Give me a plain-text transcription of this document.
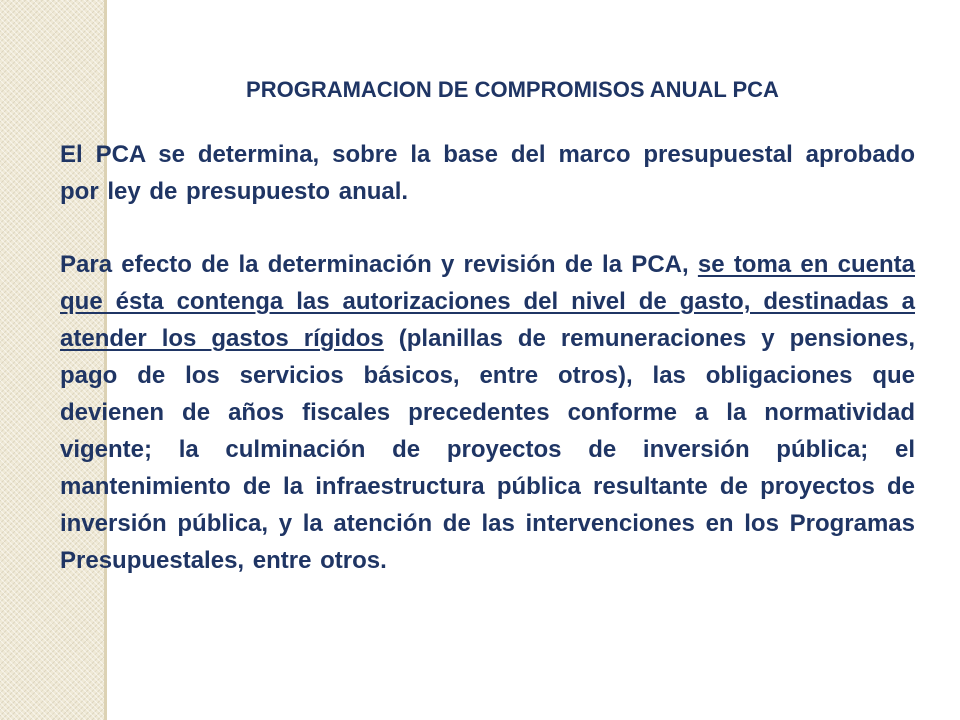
PROGRAMACION DE COMPROMISOS ANUAL PCA

El PCA se determina, sobre la base del marco presupuestal aprobado por ley de presupuesto anual.

Para efecto de la determinación y revisión de la PCA, se toma en cuenta que ésta contenga las autorizaciones del nivel de gasto, destinadas a atender los gastos rígidos (planillas de remuneraciones y pensiones, pago de los servicios básicos, entre otros), las obligaciones que devienen de años fiscales precedentes conforme a la normatividad vigente; la culminación de proyectos de inversión pública; el mantenimiento de la infraestructura pública resultante de proyectos de inversión pública, y la atención de las intervenciones en los Programas Presupuestales, entre otros.
